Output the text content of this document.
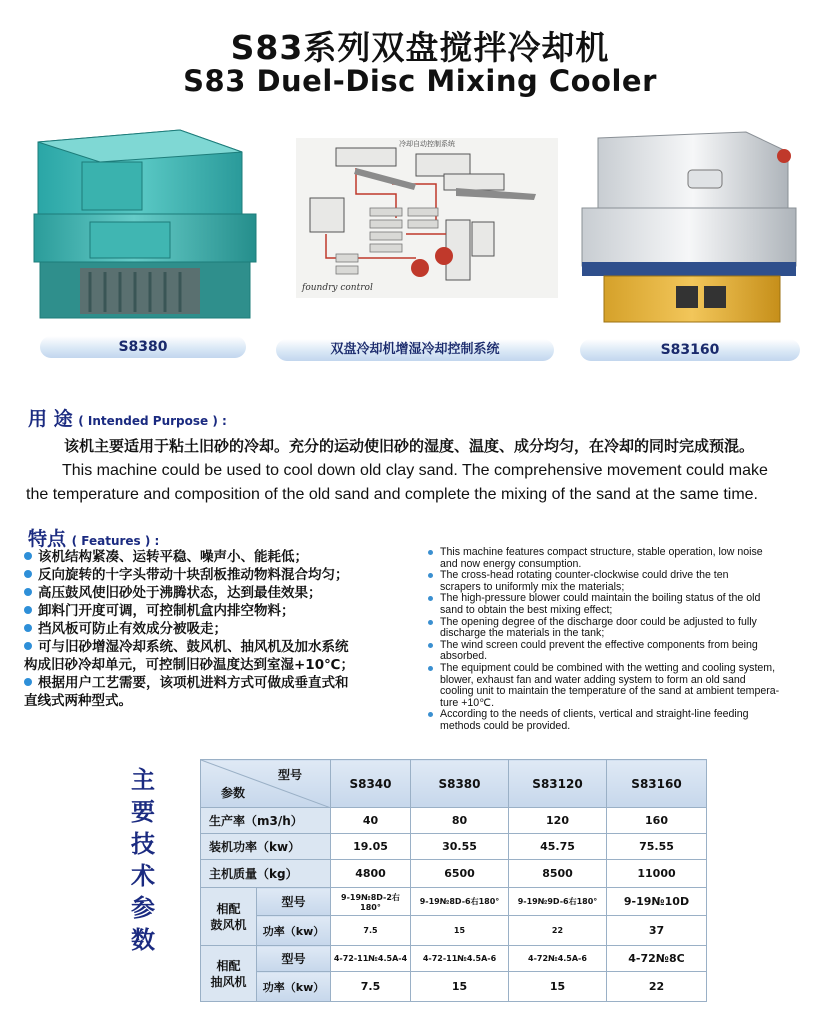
S83系列双盘搅拌冷却机
S83 Duel-Disc Mixing Cooler
S8380
冷却自动控制系统
foundry control
双盘冷却机增湿冷却控制系统	S83160
用 途 ( Intended Purpose ) :
该机主要适用于粘土旧砂的冷却。充分的运动使旧砂的湿度、温度、成分均匀，在冷却的同时完成预混。
This machine could be used to cool down old clay sand. The comprehensive movement could make
the temperature and composition of the old sand and complete the mixing of the sand at the same time.
特点 ( Features ) :
该机结构紧凑、运转平稳、噪声小、能耗低；
反向旋转的十字头带动十块刮板推动物料混合均匀；
高压鼓风使旧砂处于沸腾状态，达到最佳效果；
卸料门开度可调，可控制机盒内排空物料；
挡风板可防止有效成分被吸走；
可与旧砂增湿冷却系统、鼓风机、抽风机及加水系统
构成旧砂冷却单元，可控制旧砂温度达到室湿+10℃；
根据用户工艺需要，该项机进料方式可做成垂直式和
直线式两种型式。
This machine features compact structure, stable operation, low noise
and now energy consumption.
The cross-head rotating counter-clockwise could drive the ten
scrapers to uniformly mix the materials;
The high-pressure blower could maintain the boiling status of the old
sand to obtain the best mixing effect;
The opening degree of the discharge door could be adjusted to fully
discharge the materials in the tank;
The wind screen could prevent the effective components from being
absorbed.
The equipment could be combined with the wetting and cooling system,
blower, exhaust fan and water adding system to form an old sand
cooling unit to maintain the temperature of the sand at ambient tempera-
ture +10℃.
According to the needs of clients, vertical and straight-line feeding
methods could be provided.
主
要
技
术
参
数
型号
参数		S8340	S8380	S83120	S83160
生产率（m3/h）		40	80	120	160
装机功率（kw）		19.05	30.55	45.75	75.55
主机质量（kg）		4800	6500	8500	11000

相配
鼓风机	型号	9-19№8D-2右180°	9-19№8D-6右180°	9-19№9D-6右180°	9-19№10D
	功率（kw）	7.5	15	22	37

相配
抽风机	型号	4-72-11№4.5A-4	4-72-11№4.5A-6	4-72№4.5A-6	4-72№8C
	功率（kw）	7.5	15	15	22
